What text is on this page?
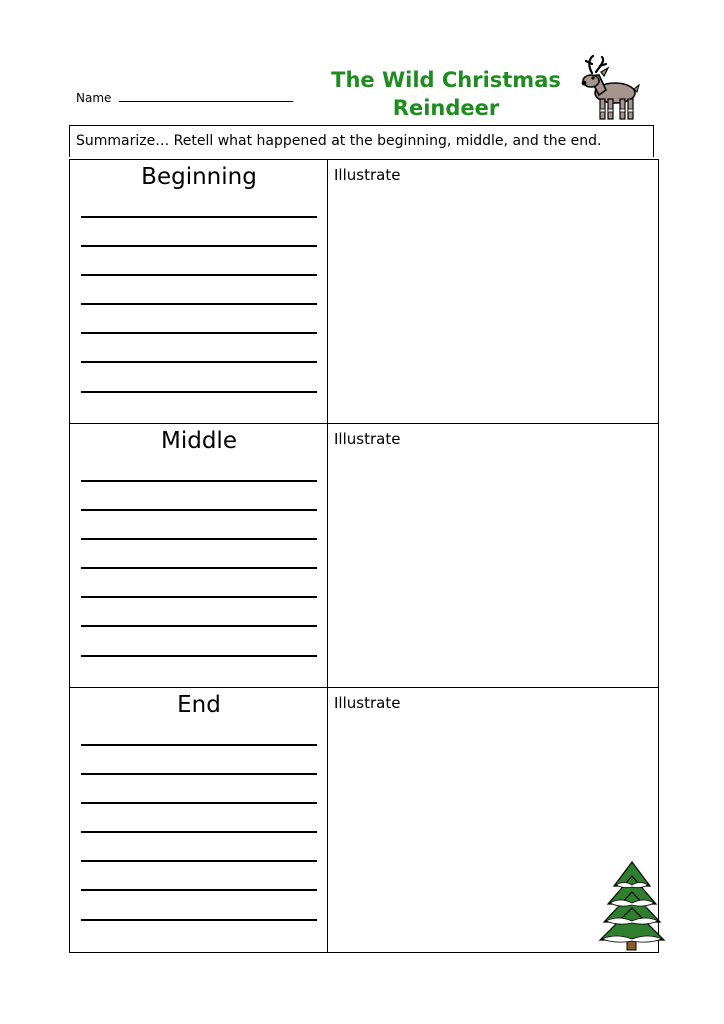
Name
The Wild Christmas
Reindeer
Summarize… Retell what happened at the beginning, middle, and the end.
Beginning	Illustrate
Middle	Illustrate
End	Illustrate
